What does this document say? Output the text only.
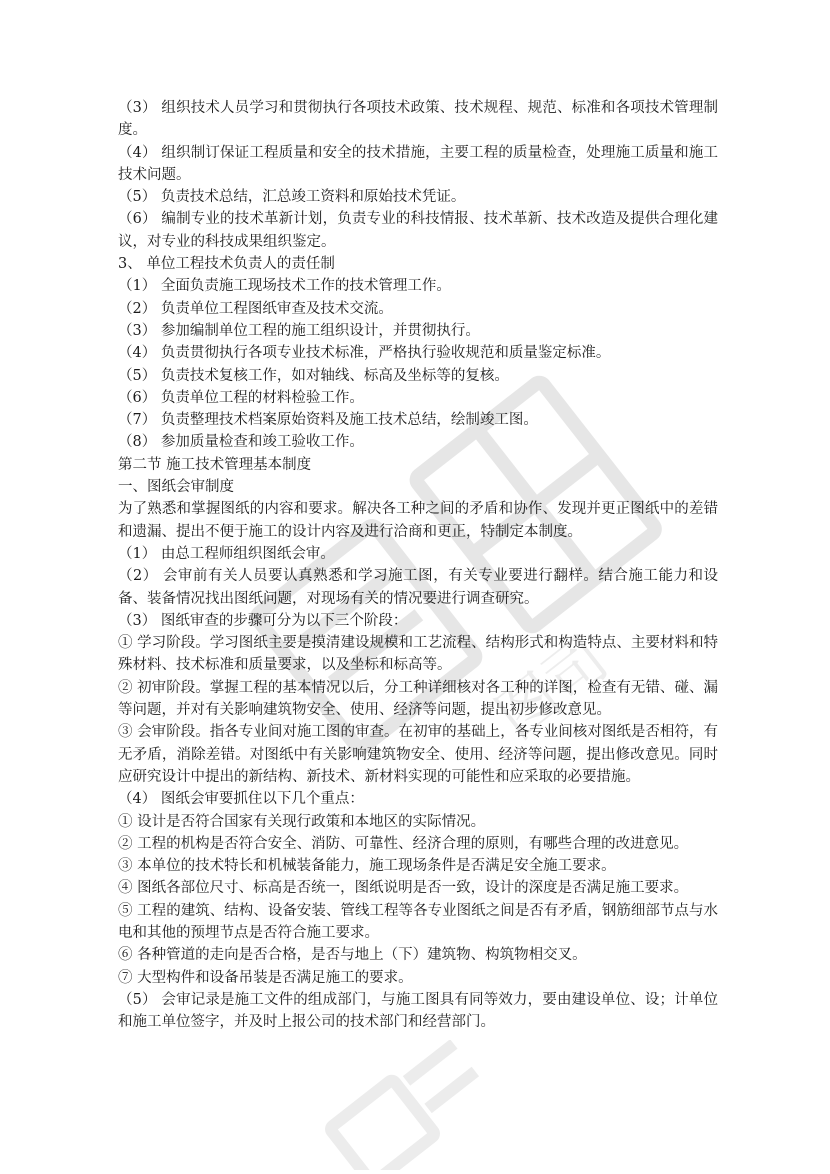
图司

（3） 组织技术人员学习和贯彻执行各项技术政策、技术规程、规范、标准和各项技术管理制度。

（4） 组织制订保证工程质量和安全的技术措施，主要工程的质量检查，处理施工质量和施工技术问题。

（5） 负责技术总结，汇总竣工资料和原始技术凭证。

（6） 编制专业的技术革新计划，负责专业的科技情报、技术革新、技术改造及提供合理化建议，对专业的科技成果组织鉴定。

3、 单位工程技术负责人的责任制

（1） 全面负责施工现场技术工作的技术管理工作。

（2） 负责单位工程图纸审查及技术交流。

（3） 参加编制单位工程的施工组织设计，并贯彻执行。

（4） 负责贯彻执行各项专业技术标准，严格执行验收规范和质量鉴定标准。

（5） 负责技术复核工作，如对轴线、标高及坐标等的复核。

（6） 负责单位工程的材料检验工作。

（7） 负责整理技术档案原始资料及施工技术总结，绘制竣工图。

（8） 参加质量检查和竣工验收工作。

第二节 施工技术管理基本制度

一、图纸会审制度

为了熟悉和掌握图纸的内容和要求。解决各工种之间的矛盾和协作、发现并更正图纸中的差错和遗漏、提出不便于施工的设计内容及进行洽商和更正，特制定本制度。

（1） 由总工程师组织图纸会审。

（2） 会审前有关人员要认真熟悉和学习施工图，有关专业要进行翻样。结合施工能力和设备、装备情况找出图纸问题，对现场有关的情况要进行调查研究。

（3） 图纸审查的步骤可分为以下三个阶段：

① 学习阶段。学习图纸主要是摸清建设规模和工艺流程、结构形式和构造特点、主要材料和特殊材料、技术标准和质量要求，以及坐标和标高等。

② 初审阶段。掌握工程的基本情况以后，分工种详细核对各工种的详图，检查有无错、碰、漏等问题，并对有关影响建筑物安全、使用、经济等问题，提出初步修改意见。

③ 会审阶段。指各专业间对施工图的审查。在初审的基础上，各专业间核对图纸是否相符，有无矛盾，消除差错。对图纸中有关影响建筑物安全、使用、经济等问题，提出修改意见。同时应研究设计中提出的新结构、新技术、新材料实现的可能性和应采取的必要措施。

（4） 图纸会审要抓住以下几个重点：

① 设计是否符合国家有关现行政策和本地区的实际情况。

② 工程的机构是否符合安全、消防、可靠性、经济合理的原则，有哪些合理的改进意见。

③ 本单位的技术特长和机械装备能力，施工现场条件是否满足安全施工要求。

④ 图纸各部位尺寸、标高是否统一，图纸说明是否一致，设计的深度是否满足施工要求。

⑤ 工程的建筑、结构、设备安装、管线工程等各专业图纸之间是否有矛盾，钢筋细部节点与水电和其他的预埋节点是否符合施工要求。

⑥ 各种管道的走向是否合格，是否与地上（下）建筑物、构筑物相交叉。

⑦ 大型构件和设备吊装是否满足施工的要求。

（5） 会审记录是施工文件的组成部门，与施工图具有同等效力，要由建设单位、设；计单位和施工单位签字，并及时上报公司的技术部门和经营部门。
